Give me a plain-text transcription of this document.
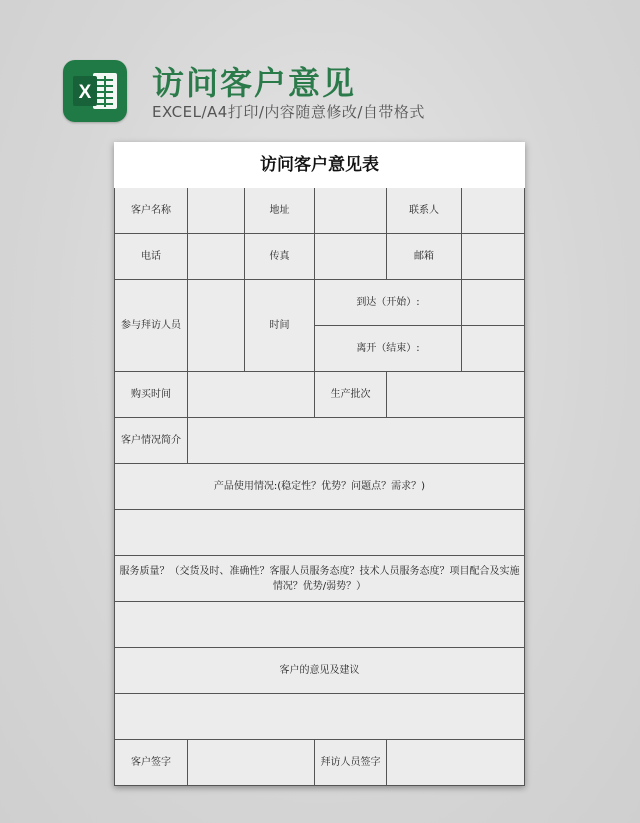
X 访问客户意见
EXCEL/A4打印/内容随意修改/自带格式
访问客户意见表
客户名称	地址	联系人
电话	传真	邮箱
参与拜访人员	时间
到达（开始）:
离开（结束）:
购买时间	生产批次
客户情况简介
产品使用情况:(稳定性？优势？问题点？需求？)
服务质量？（交货及时、准确性？客服人员服务态度？技术人员服务态度？项目配合及实施情况？优势/弱势？）
客户的意见及建议
客户签字	拜访人员签字
